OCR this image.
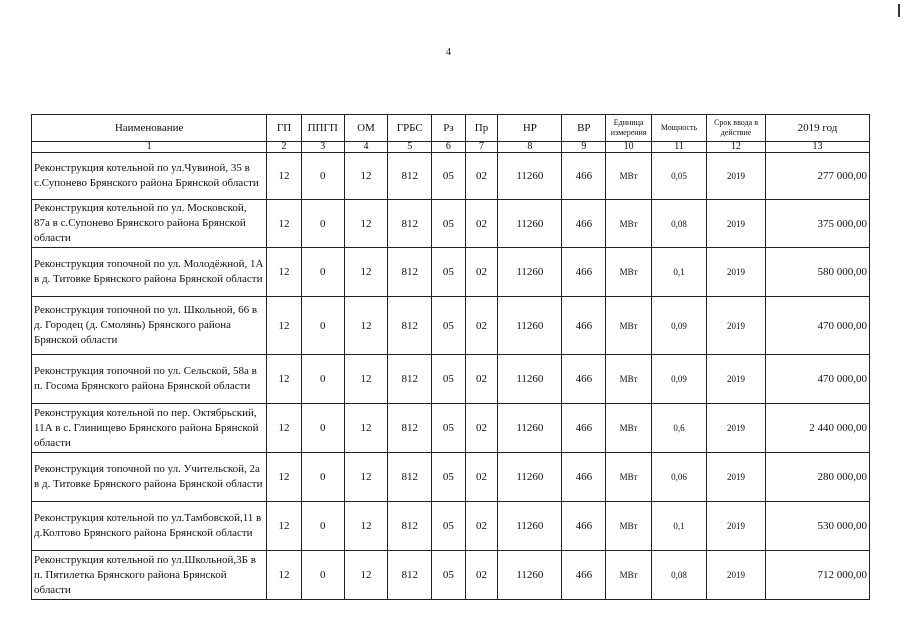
4
Наименование	ГП	ППГП	ОМ	ГРБС	Рз	Пр	НР	ВР	Единица измерения	Мощность	Срок ввода в действие	2019 год
1	2	3	4	5	6	7	8	9	10	11	12	13
Реконструкция котельной по ул.Чувиной, 35 в с.Супонево Брянского района Брянской области	12	0	12	812	05	02	11260	466	МВт	0,05	2019	277 000,00
Реконструкция котельной по ул. Московской, 87а в с.Супонево Брянского района Брянской области	12	0	12	812	05	02	11260	466	МВт	0,08	2019	375 000,00
Реконструкция топочной по ул. Молодёжной, 1А в д. Титовке Брянского района Брянской области	12	0	12	812	05	02	11260	466	МВт	0,1	2019	580 000,00
Реконструкция топочной по ул. Школьной, 66 в д. Городец (д. Смолянь) Брянского района Брянской области	12	0	12	812	05	02	11260	466	МВт	0,09	2019	470 000,00
Реконструкция топочной по ул. Сельской, 58а в п. Госома Брянского района Брянской области	12	0	12	812	05	02	11260	466	МВт	0,09	2019	470 000,00
Реконструкция котельной по пер. Октябрьский, 11А в с. Глинищево Брянского района Брянской области	12	0	12	812	05	02	11260	466	МВт	0,6	2019	2 440 000,00
Реконструкция топочной по ул. Учительской, 2а в д. Титовке Брянского района Брянской области	12	0	12	812	05	02	11260	466	МВт	0,06	2019	280 000,00
Реконструкция котельной по ул.Тамбовской,11 в д.Колтово Брянского района Брянской области	12	0	12	812	05	02	11260	466	МВт	0,1	2019	530 000,00
Реконструкция котельной по ул.Школьной,3Б в п. Пятилетка Брянского района Брянской области	12	0	12	812	05	02	11260	466	МВт	0,08	2019	712 000,00
